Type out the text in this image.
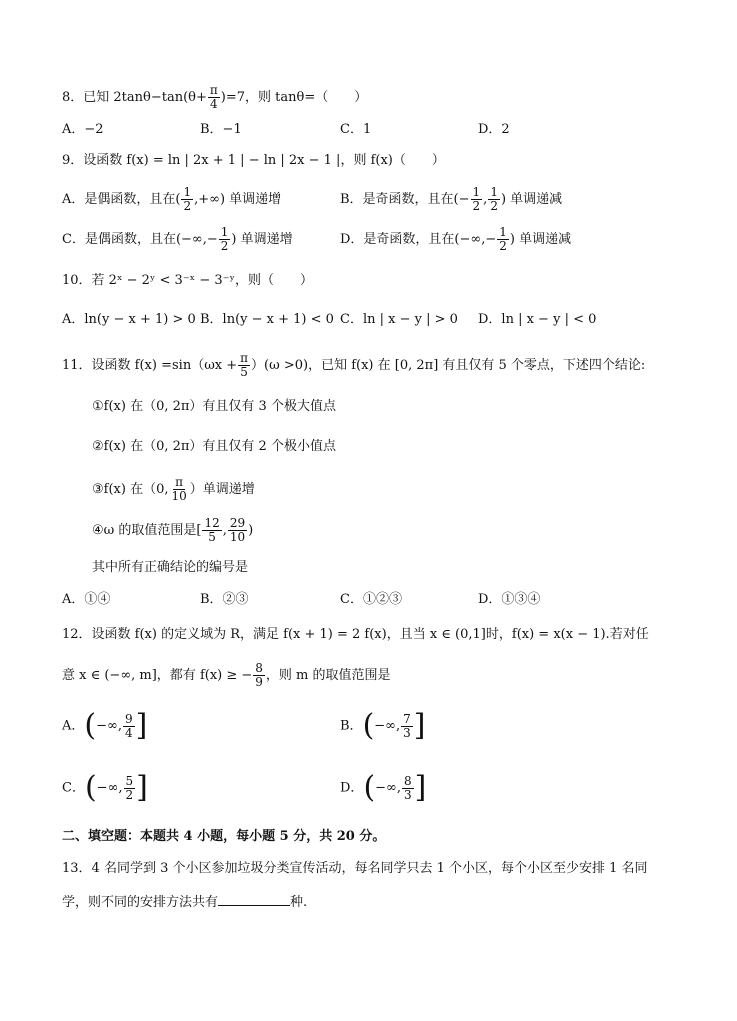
8．已知 $2\tan\theta-\tan(\theta+ \frac{\pi}{4} )=7$，则 tanθ=（　　）
A．−2	B．−1	C．1	D．2
9．设函数 f(x) = ln | 2x + 1 | − ln | 2x − 1 |，则 f(x)（　　）
A．是偶函数，且在( $\frac{1}{2}$ ,+∞) 单调递增	B．是奇函数，且在(− $\frac{1}{2}$ , $\frac{1}{2}$ ) 单调递减
C．是偶函数，且在(−∞,− $\frac{1}{2}$ ) 单调递增	D．是奇函数，且在(−∞,− $\frac{1}{2}$ ) 单调递减
10．若 2ˣ − 2ʸ < 3⁻ˣ − 3⁻ʸ，则（　　）
A．ln(y − x + 1) > 0 B．ln(y − x + 1) < 0 C．ln | x − y | > 0 D．ln | x − y | < 0
11．设函数 $f(x) =\sin(\omega x + \frac{\pi}{5} )(\omega >0)$，已知 f(x) 在 [0, 2π] 有且仅有 5 个零点，下述四个结论:
①f(x) 在（0, 2π）有且仅有 3 个极大值点
②f(x) 在（0, 2π）有且仅有 2 个极小值点
③f(x) 在（0, $\frac{\pi}{10}$ ）单调递增
④ω 的取值范围是[ $\frac{12}{5}$ , $\frac{29}{10}$ )
其中所有正确结论的编号是
A．①④	B．②③	C．①②③	D．①③④
12．设函数 f(x) 的定义域为 R，满足 f(x + 1) = 2 f(x)，且当 x ∈ (0,1]时，f(x) = x(x − 1).若对任
意 x ∈ (−∞, m]，都有 f(x) ≥ − $\frac{8}{9}$ ，则 m 的取值范围是
A．(−∞, $\frac{9}{4}$ ]	B．(−∞, $\frac{7}{3}$ ]
C．(−∞, $\frac{5}{2}$ ]	D．(−∞, $\frac{8}{3}$ ]
二、填空题：本题共 4 小题，每小题 5 分，共 20 分。
13．4 名同学到 3 个小区参加垃圾分类宣传活动，每名同学只去 1 个小区，每个小区至少安排 1 名同
学，则不同的安排方法共有	种.
